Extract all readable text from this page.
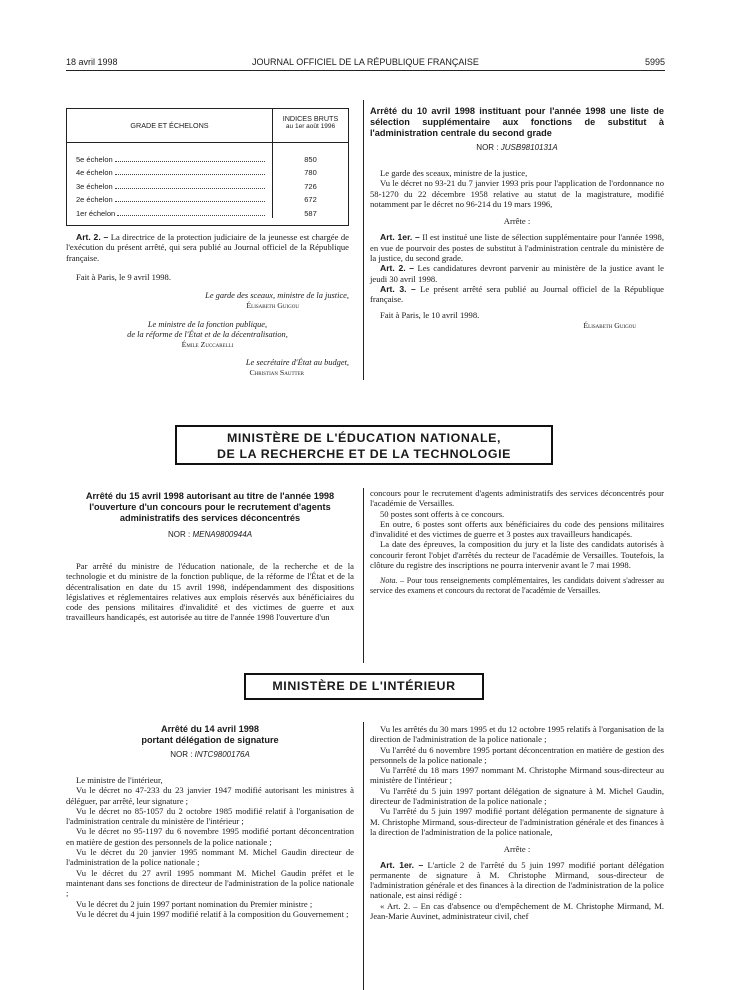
18 avril 1998	JOURNAL OFFICIEL DE LA RÉPUBLIQUE FRANÇAISE	5995
GRADE ET ÉCHELONS
INDICES BRUTS
au 1er août 1996
5e échelon
4e échelon
3e échelon
2e échelon
1er échelon
850
780
726
672
587

Art. 2. – La directrice de la protection judiciaire de la jeunesse est chargée de l'exécution du présent arrêté, qui sera publié au Journal officiel de la République française.

Fait à Paris, le 9 avril 1998.

Le garde des sceaux, ministre de la justice,
Élisabeth Guigou
Le ministre de la fonction publique,
de la réforme de l'État et de la décentralisation,
Émile Zuccarelli
Le secrétaire d'État au budget,
Christian Sautter
Arrêté du 10 avril 1998 instituant pour l'année 1998 une liste de sélection supplémentaire aux fonctions de substitut à l'administration centrale du second grade
NOR : JUSB9810131A

Le garde des sceaux, ministre de la justice,

Vu le décret no 93-21 du 7 janvier 1993 pris pour l'application de l'ordonnance no 58-1270 du 22 décembre 1958 relative au statut de la magistrature, modifié notamment par le décret no 96-214 du 19 mars 1996,

Arrête :

Art. 1er. – Il est institué une liste de sélection supplémentaire pour l'année 1998, en vue de pourvoir des postes de substitut à l'administration centrale du ministère de la justice, du second grade.

Art. 2. – Les candidatures devront parvenir au ministère de la justice avant le jeudi 30 avril 1998.

Art. 3. – Le présent arrêté sera publié au Journal officiel de la République française.

Fait à Paris, le 10 avril 1998.

Élisabeth Guigou
MINISTÈRE DE L'ÉDUCATION NATIONALE,
DE LA RECHERCHE ET DE LA TECHNOLOGIE
Arrêté du 15 avril 1998 autorisant au titre de l'année 1998 l'ouverture d'un concours pour le recrutement d'agents administratifs des services déconcentrés
NOR : MENA9800944A

Par arrêté du ministre de l'éducation nationale, de la recherche et de la technologie et du ministre de la fonction publique, de la réforme de l'État et de la décentralisation en date du 15 avril 1998, indépendamment des dispositions législatives et réglementaires relatives aux emplois réservés aux bénéficiaires du code des pensions militaires d'invalidité et des victimes de guerre et aux travailleurs handicapés, est autorisée au titre de l'année 1998 l'ouverture d'un

concours pour le recrutement d'agents administratifs des services déconcentrés pour l'académie de Versailles.

50 postes sont offerts à ce concours.

En outre, 6 postes sont offerts aux bénéficiaires du code des pensions militaires d'invalidité et des victimes de guerre et 3 postes aux travailleurs handicapés.

La date des épreuves, la composition du jury et la liste des candidats autorisés à concourir feront l'objet d'arrêtés du recteur de l'académie de Versailles. Toutefois, la clôture du registre des inscriptions ne pourra intervenir avant le 7 mai 1998.

Nota. – Pour tous renseignements complémentaires, les candidats doivent s'adresser au service des examens et concours du rectorat de l'académie de Versailles.

MINISTÈRE DE L'INTÉRIEUR
Arrêté du 14 avril 1998
portant délégation de signature
NOR : INTC9800176A

Le ministre de l'intérieur,

Vu le décret no 47-233 du 23 janvier 1947 modifié autorisant les ministres à déléguer, par arrêté, leur signature ;

Vu le décret no 85-1057 du 2 octobre 1985 modifié relatif à l'organisation de l'administration centrale du ministère de l'intérieur ;

Vu le décret no 95-1197 du 6 novembre 1995 modifié portant déconcentration en matière de gestion des personnels de la police nationale ;

Vu le décret du 20 janvier 1995 nommant M. Michel Gaudin directeur de l'administration de la police nationale ;

Vu le décret du 27 avril 1995 nommant M. Michel Gaudin préfet et le maintenant dans ses fonctions de directeur de l'administration de la police nationale ;

Vu le décret du 2 juin 1997 portant nomination du Premier ministre ;

Vu le décret du 4 juin 1997 modifié relatif à la composition du Gouvernement ;

Vu les arrêtés du 30 mars 1995 et du 12 octobre 1995 relatifs à l'organisation de la direction de l'administration de la police nationale ;

Vu l'arrêté du 6 novembre 1995 portant déconcentration en matière de gestion des personnels de la police nationale ;

Vu l'arrêté du 18 mars 1997 nommant M. Christophe Mirmand sous-directeur au ministère de l'intérieur ;

Vu l'arrêté du 5 juin 1997 portant délégation de signature à M. Michel Gaudin, directeur de l'administration de la police nationale ;

Vu l'arrêté du 5 juin 1997 modifié portant délégation permanente de signature à M. Christophe Mirmand, sous-directeur de l'administration générale et des finances à la direction de l'administration de la police nationale,

Arrête :

Art. 1er. – L'article 2 de l'arrêté du 5 juin 1997 modifié portant délégation permanente de signature à M. Christophe Mirmand, sous-directeur de l'administration générale et des finances à la direction de l'administration de la police nationale, est ainsi rédigé :

« Art. 2. – En cas d'absence ou d'empêchement de M. Christophe Mirmand, M. Jean-Marie Auvinet, administrateur civil, chef
